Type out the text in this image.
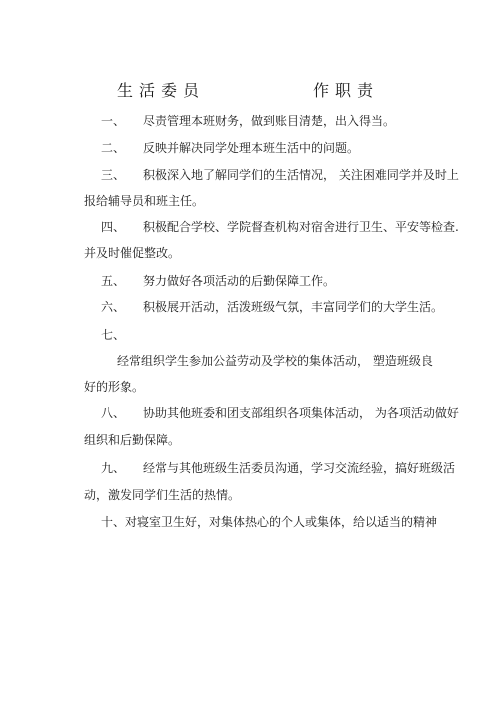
生活委员	作职责
一、 尽责管理本班财务，做到账目清楚，出入得当。
二、 反映并解决同学处理本班生活中的问题。
三、 积极深入地了解同学们的生活情况， 关注困难同学并及时上
报给辅导员和班主任。
四、 积极配合学校、学院督查机构对宿舍进行卫生、平安等检查.
并及时催促整改。
五、 努力做好各项活动的后勤保障工作。
六、 积极展开活动，活泼班级气氛，丰富同学们的大学生活。
七、
经常组织学生参加公益劳动及学校的集体活动， 塑造班级良
好的形象。
八、 协助其他班委和团支部组织各项集体活动， 为各项活动做好
组织和后勤保障。
九、 经常与其他班级生活委员沟通，学习交流经验，搞好班级活
动，激发同学们生活的热情。
十、对寝室卫生好，对集体热心的个人或集体，给以适当的精神
